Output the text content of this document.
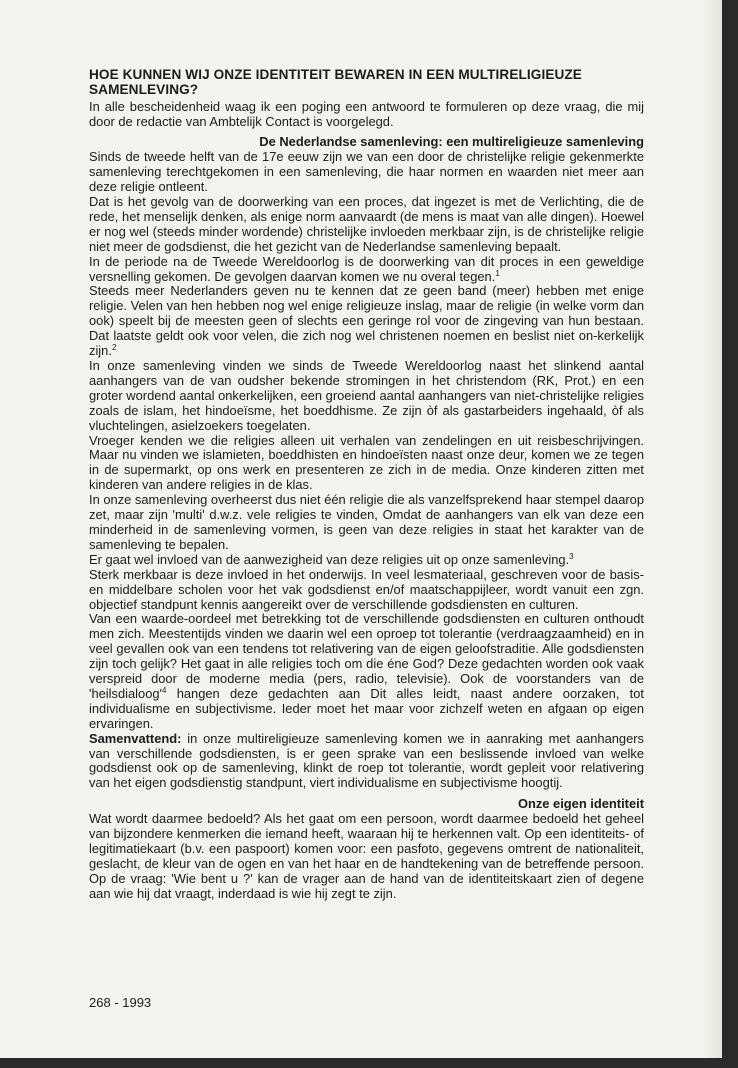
HOE KUNNEN WIJ ONZE IDENTITEIT BEWAREN IN EEN MULTIRELIGIEUZE SAMENLEVING?

In alle bescheidenheid waag ik een poging een antwoord te formuleren op deze vraag, die mij door de redactie van Ambtelijk Contact is voorgelegd.

De Nederlandse samenleving: een multireligieuze samenleving

Sinds de tweede helft van de 17e eeuw zijn we van een door de christelijke religie gekenmerkte samenleving terechtgekomen in een samenleving, die haar normen en waarden niet meer aan deze religie ontleent.

Dat is het gevolg van de doorwerking van een proces, dat ingezet is met de Verlichting, die de rede, het menselijk denken, als enige norm aanvaardt (de mens is maat van alle dingen). Hoewel er nog wel (steeds minder wordende) christelijke invloeden merkbaar zijn, is de christelijke religie niet meer de godsdienst, die het gezicht van de Nederlandse samenleving bepaalt.

In de periode na de Tweede Wereldoorlog is de doorwerking van dit proces in een geweldige versnelling gekomen. De gevolgen daarvan komen we nu overal tegen.$^1$
Steeds meer Nederlanders geven nu te kennen dat ze geen band (meer) hebben met enige religie. Velen van hen hebben nog wel enige religieuze inslag, maar de religie (in welke vorm dan ook) speelt bij de meesten geen of slechts een geringe rol voor de zingeving van hun bestaan. Dat laatste geldt ook voor velen, die zich nog wel christenen noemen en beslist niet on-kerkelijk zijn.$^2$

In onze samenleving vinden we sinds de Tweede Wereldoorlog naast het slinkend aantal aanhangers van de van oudsher bekende stromingen in het christendom (RK, Prot.) en een groter wordend aantal onkerkelijken, een groeiend aantal aanhangers van niet-christelijke religies zoals de islam, het hindoeïsme, het boeddhisme. Ze zijn òf als gastarbeiders ingehaald, òf als vluchtelingen, asielzoekers toegelaten.

Vroeger kenden we die religies alleen uit verhalen van zendelingen en uit reisbeschrijvingen. Maar nu vinden we islamieten, boeddhisten en hindoeïsten naast onze deur, komen we ze tegen in de supermarkt, op ons werk en presenteren ze zich in de media. Onze kinderen zitten met kinderen van andere religies in de klas.

In onze samenleving overheerst dus niet één religie die als vanzelfsprekend haar stempel daarop zet, maar zijn 'multi' d.w.z. vele religies te vinden, Omdat de aanhangers van elk van deze een minderheid in de samenleving vormen, is geen van deze religies in staat het karakter van de samenleving te bepalen.

Er gaat wel invloed van de aanwezigheid van deze religies uit op onze samenleving.$^3$
Sterk merkbaar is deze invloed in het onderwijs. In veel lesmateriaal, geschreven voor de basis-en middelbare scholen voor het vak godsdienst en/of maatschappijleer, wordt vanuit een zgn. objectief standpunt kennis aangereikt over de verschillende godsdiensten en culturen.

Van een waarde-oordeel met betrekking tot de verschillende godsdiensten en culturen onthoudt men zich. Meestentijds vinden we daarin wel een oproep tot tolerantie (verdraagzaamheid) en in veel gevallen ook van een tendens tot relativering van de eigen geloofstraditie. Alle godsdiensten zijn toch gelijk? Het gaat in alle religies toch om die éne God? Deze gedachten worden ook vaak verspreid door de moderne media (pers, radio, televisie). Ook de voorstanders van de '$heilsdialoog'^4$ hangen deze gedachten aan Dit alles leidt, naast andere oorzaken, tot individualisme en subjectivisme. Ieder moet het maar voor zichzelf weten en afgaan op eigen ervaringen.

Samenvattend: in onze multireligieuze samenleving komen we in aanraking met aanhangers van verschillende godsdiensten, is er geen sprake van een beslissende invloed van welke godsdienst ook op de samenleving, klinkt de roep tot tolerantie, wordt gepleit voor relativering van het eigen godsdienstig standpunt, viert individualisme en subjectivisme hoogtij.

Onze eigen identiteit

Wat wordt daarmee bedoeld? Als het gaat om een persoon, wordt daarmee bedoeld het geheel van bijzondere kenmerken die iemand heeft, waaraan hij te herkennen valt. Op een identiteits- of legitimatiekaart (b.v. een paspoort) komen voor: een pasfoto, gegevens omtrent de nationaliteit, geslacht, de kleur van de ogen en van het haar en de handtekening van de betreffende persoon. Op de vraag: 'Wie bent u ?' kan de vrager aan de hand van de identiteitskaart zien of degene aan wie hij dat vraagt, inderdaad is wie hij zegt te zijn.

268 - 1993
